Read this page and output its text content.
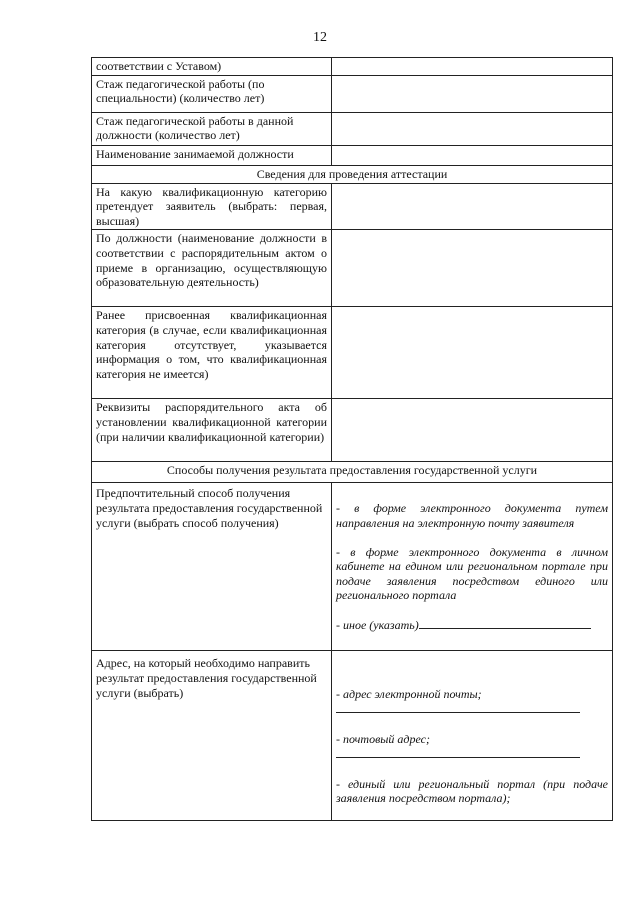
12
соответствии с Уставом)	
Стаж педагогической работы (по специальности) (количество лет)	
Стаж педагогической работы в данной должности (количество лет)	
Наименование занимаемой должности	
Сведения для проведения аттестации	
На какую квалификационную категорию претендует заявитель (выбрать: первая, высшая)	
По должности (наименование должности в соответствии с распорядительным актом о приеме в организацию, осуществляющую образовательную деятельность)	
Ранее присвоенная квалификационная категория (в случае, если квалификационная категория отсутствует, указывается информация о том, что квалификационная категория не имеется)	
Реквизиты распорядительного акта об установлении квалификационной категории (при наличии квалификационной категории)	
Способы получения результата предоставления государственной услуги	
Предпочтительный способ получения результата предоставления государственной услуги (выбрать способ получения)	- в форме электронного документа путем направления на электронную почту заявителя
- в форме электронного документа в личном кабинете на едином или региональном портале при подаче заявления посредством единого или регионального портала
- иное (указать)

Адрес, на который необходимо направить результат предоставления государственной услуги (выбрать)	- адрес электронной почты;
- почтовый адрес;
- единый или региональный портал (при подаче заявления посредством портала);
